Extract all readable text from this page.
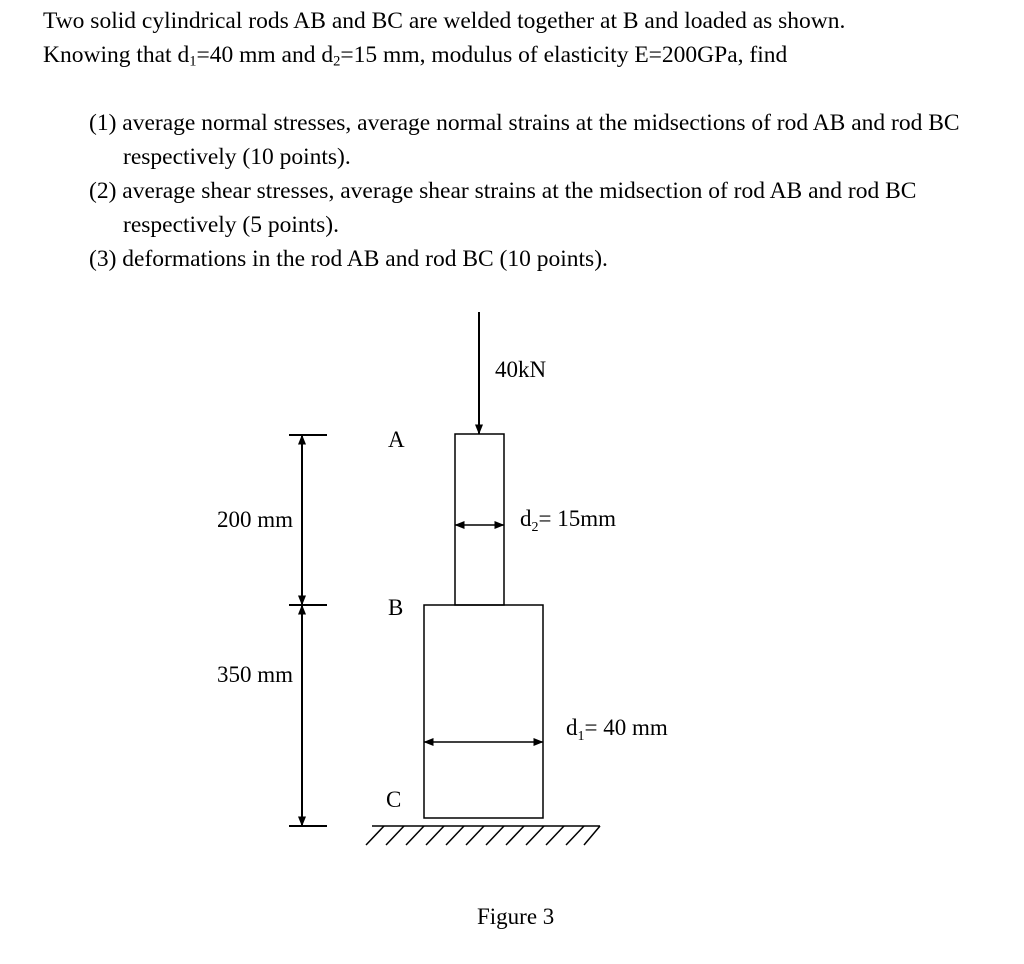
Two solid cylindrical rods AB and BC are welded together at B and loaded as shown.
Knowing that $d_1=40$ mm and $d_2=15$ mm, modulus of elasticity E=200GPa, find

(1) average normal stresses, average normal strains at the midsections of rod AB and rod BC respectively (10 points).
(2) average shear stresses, average shear strains at the midsection of rod AB and rod BC respectively (5 points).
(3) deformations in the rod AB and rod BC (10 points).
40kN
$d_2= 15mm$
$d_1= 40$ mm
A
B
C
200 mm
350 mm
Figure 3
